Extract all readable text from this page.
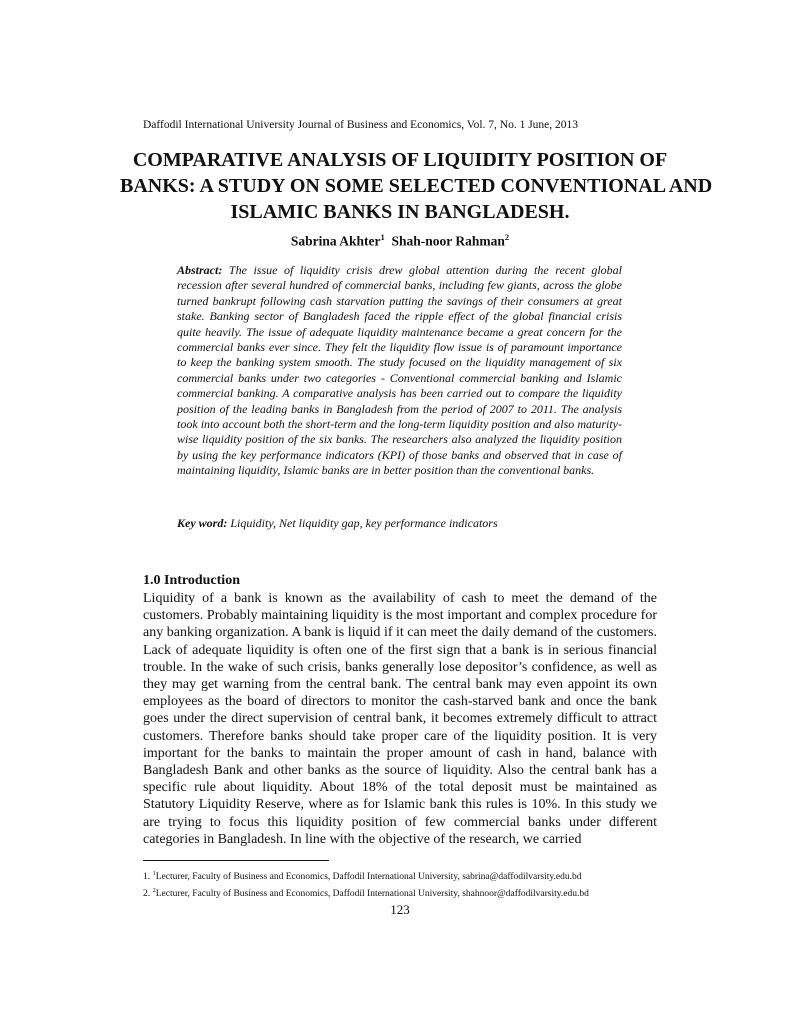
Daffodil International University Journal of Business and Economics, Vol. 7, No. 1 June, 2013
COMPARATIVE ANALYSIS OF LIQUIDITY POSITION OF
BANKS: A STUDY ON SOME SELECTED CONVENTIONAL AND
ISLAMIC BANKS IN BANGLADESH.
Sabrina Akhter$^1$ Shah-noor Rahman$^2$
Abstract: The issue of liquidity crisis drew global attention during the recent global recession after several hundred of commercial banks, including few giants, across the globe turned bankrupt following cash starvation putting the savings of their consumers at great stake. Banking sector of Bangladesh faced the ripple effect of the global financial crisis quite heavily. The issue of adequate liquidity maintenance became a great concern for the commercial banks ever since. They felt the liquidity flow issue is of paramount importance to keep the banking system smooth. The study focused on the liquidity management of six commercial banks under two categories - Conventional commercial banking and Islamic commercial banking. A comparative analysis has been carried out to compare the liquidity position of the leading banks in Bangladesh from the period of 2007 to 2011. The analysis took into account both the short-term and the long-term liquidity position and also maturity-wise liquidity position of the six banks. The researchers also analyzed the liquidity position by using the key performance indicators (KPI) of those banks and observed that in case of maintaining liquidity, Islamic banks are in better position than the conventional banks.
Key word: Liquidity, Net liquidity gap, key performance indicators
1.0 Introduction
Liquidity of a bank is known as the availability of cash to meet the demand of the customers. Probably maintaining liquidity is the most important and complex procedure for any banking organization. A bank is liquid if it can meet the daily demand of the customers. Lack of adequate liquidity is often one of the first sign that a bank is in serious financial trouble. In the wake of such crisis, banks generally lose depositor’s confidence, as well as they may get warning from the central bank. The central bank may even appoint its own employees as the board of directors to monitor the cash-starved bank and once the bank goes under the direct supervision of central bank, it becomes extremely difficult to attract customers. Therefore banks should take proper care of the liquidity position. It is very important for the banks to maintain the proper amount of cash in hand, balance with Bangladesh Bank and other banks as the source of liquidity. Also the central bank has a specific rule about liquidity. About 18% of the total deposit must be maintained as Statutory Liquidity Reserve, where as for Islamic bank this rules is 10%. In this study we are trying to focus this liquidity position of few commercial banks under different categories in Bangladesh. In line with the objective of the research, we carried
1. $^1$Lecturer, Faculty of Business and Economics, Daffodil International University, sabrina@daffodilvarsity.edu.bd
2. $^2$Lecturer, Faculty of Business and Economics, Daffodil International University, shahnoor@daffodilvarsity.edu.bd
123
